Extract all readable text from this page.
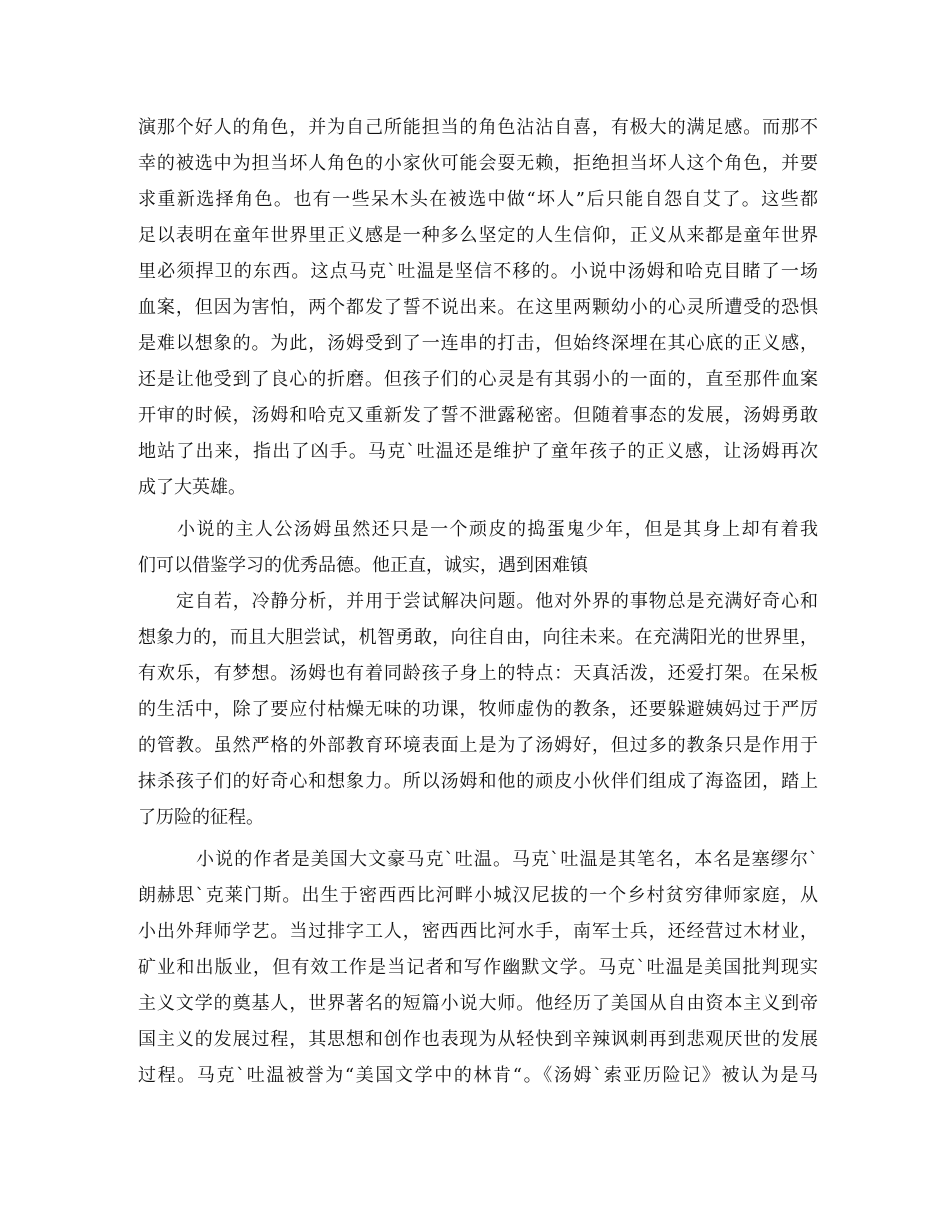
演那个好人的角色，并为自己所能担当的角色沾沾自喜，有极大的满足感。而那不
幸的被选中为担当坏人角色的小家伙可能会耍无赖，拒绝担当坏人这个角色，并要
求重新选择角色。也有一些呆木头在被选中做“坏人”后只能自怨自艾了。这些都
足以表明在童年世界里正义感是一种多么坚定的人生信仰，正义从来都是童年世界
里必须捍卫的东西。这点马克`吐温是坚信不移的。小说中汤姆和哈克目睹了一场
血案，但因为害怕，两个都发了誓不说出来。在这里两颗幼小的心灵所遭受的恐惧
是难以想象的。为此，汤姆受到了一连串的打击，但始终深埋在其心底的正义感，
还是让他受到了良心的折磨。但孩子们的心灵是有其弱小的一面的，直至那件血案
开审的时候，汤姆和哈克又重新发了誓不泄露秘密。但随着事态的发展，汤姆勇敢
地站了出来，指出了凶手。马克`吐温还是维护了童年孩子的正义感，让汤姆再次
成了大英雄。
小说的主人公汤姆虽然还只是一个顽皮的捣蛋鬼少年，但是其身上却有着我
们可以借鉴学习的优秀品德。他正直，诚实，遇到困难镇
定自若，冷静分析，并用于尝试解决问题。他对外界的事物总是充满好奇心和
想象力的，而且大胆尝试，机智勇敢，向往自由，向往未来。在充满阳光的世界里，
有欢乐，有梦想。汤姆也有着同龄孩子身上的特点：天真活泼，还爱打架。在呆板
的生活中，除了要应付枯燥无味的功课，牧师虚伪的教条，还要躲避姨妈过于严厉
的管教。虽然严格的外部教育环境表面上是为了汤姆好，但过多的教条只是作用于
抹杀孩子们的好奇心和想象力。所以汤姆和他的顽皮小伙伴们组成了海盗团，踏上
了历险的征程。
小说的作者是美国大文豪马克`吐温。马克`吐温是其笔名，本名是塞缪尔`
朗赫思`克莱门斯。出生于密西西比河畔小城汉尼拔的一个乡村贫穷律师家庭，从
小出外拜师学艺。当过排字工人，密西西比河水手，南军士兵，还经营过木材业，
矿业和出版业，但有效工作是当记者和写作幽默文学。马克`吐温是美国批判现实
主义文学的奠基人，世界著名的短篇小说大师。他经历了美国从自由资本主义到帝
国主义的发展过程，其思想和创作也表现为从轻快到辛辣讽刺再到悲观厌世的发展
过程。马克`吐温被誉为“美国文学中的林肯“。《汤姆`索亚历险记》被认为是马
